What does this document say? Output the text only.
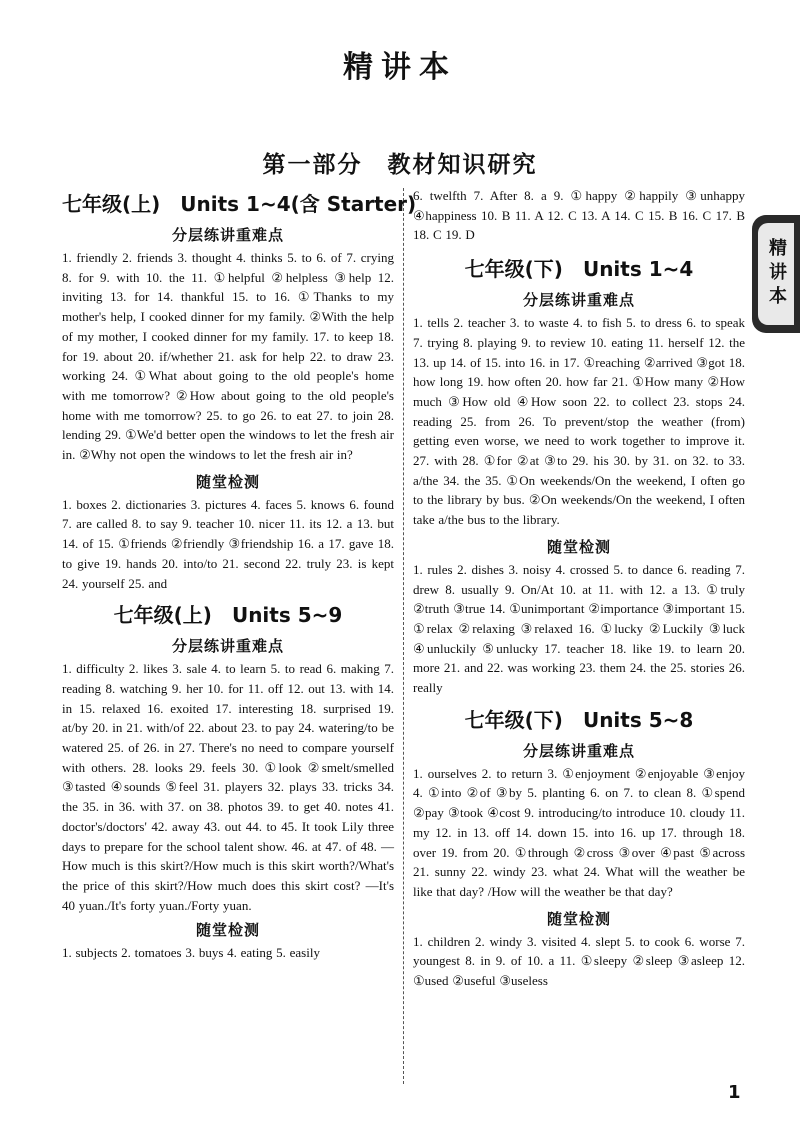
精讲本
第一部分　教材知识研究
七年级(上)　Units 1~4(含 Starter)
分层练讲重难点

1. friendly 2. friends 3. thought 4. thinks 5. to 6. of 7. crying 8. for 9. with 10. the 11. ①helpful ②helpless ③help 12. inviting 13. for 14. thankful 15. to 16. ①Thanks to my mother's help, I cooked dinner for my family. ②With the help of my mother, I cooked dinner for my family. 17. to keep 18. for 19. about 20. if/whether 21. ask for help 22. to draw 23. working 24. ①What about going to the old people's home with me tomorrow? ②How about going to the old people's home with me tomorrow? 25. to go 26. to eat 27. to join 28. lending 29. ①We'd better open the windows to let the fresh air in. ②Why not open the windows to let the fresh air in?

随堂检测

1. boxes 2. dictionaries 3. pictures 4. faces 5. knows 6. found 7. are called 8. to say 9. teacher 10. nicer 11. its 12. a 13. but 14. of 15. ①friends ②friendly ③friendship 16. a 17. gave 18. to give 19. hands 20. into/to 21. second 22. truly 23. is kept 24. yourself 25. and

七年级(上)　Units 5~9
分层练讲重难点

1. difficulty 2. likes 3. sale 4. to learn 5. to read 6. making 7. reading 8. watching 9. her 10. for 11. off 12. out 13. with 14. in 15. relaxed 16. exoited 17. interesting 18. surprised 19. at/by 20. in 21. with/of 22. about 23. to pay 24. watering/to be watered 25. of 26. in 27. There's no need to compare yourself with others. 28. looks 29. feels 30. ①look ②smelt/smelled ③tasted ④sounds ⑤feel 31. players 32. plays 33. tricks 34. the 35. in 36. with 37. on 38. photos 39. to get 40. notes 41. doctor's/doctors' 42. away 43. out 44. to 45. It took Lily three days to prepare for the school talent show. 46. at 47. of 48. —How much is this skirt?/How much is this skirt worth?/What's the price of this skirt?/How much does this skirt cost? —It's 40 yuan./It's forty yuan./Forty yuan.

随堂检测

1. subjects 2. tomatoes 3. buys 4. eating 5. easily

6. twelfth 7. After 8. a 9. ①happy ②happily ③unhappy ④happiness 10. B 11. A 12. C 13. A 14. C 15. B 16. C 17. B 18. C 19. D

七年级(下)　Units 1~4
分层练讲重难点

1. tells 2. teacher 3. to waste 4. to fish 5. to dress 6. to speak 7. trying 8. playing 9. to review 10. eating 11. herself 12. the 13. up 14. of 15. into 16. in 17. ①reaching ②arrived ③got 18. how long 19. how often 20. how far 21. ①How many ②How much ③How old ④How soon 22. to collect 23. stops 24. reading 25. from 26. To prevent/stop the weather (from) getting even worse, we need to work together to improve it. 27. with 28. ①for ②at ③to 29. his 30. by 31. on 32. to 33. a/the 34. the 35. ①On weekends/On the weekend, I often go to the library by bus. ②On weekends/On the weekend, I often take a/the bus to the library.

随堂检测

1. rules 2. dishes 3. noisy 4. crossed 5. to dance 6. reading 7. drew 8. usually 9. On/At 10. at 11. with 12. a 13. ①truly ②truth ③true 14. ①unimportant ②importance ③important 15. ①relax ②relaxing ③relaxed 16. ①lucky ②Luckily ③luck ④unluckily ⑤unlucky 17. teacher 18. like 19. to learn 20. more 21. and 22. was working 23. them 24. the 25. stories 26. really

七年级(下)　Units 5~8
分层练讲重难点

1. ourselves 2. to return 3. ①enjoyment ②enjoyable ③enjoy 4. ①into ②of ③by 5. planting 6. on 7. to clean 8. ①spend ②pay ③took ④cost 9. introducing/to introduce 10. cloudy 11. my 12. in 13. off 14. down 15. into 16. up 17. through 18. over 19. from 20. ①through ②cross ③over ④past ⑤across 21. sunny 22. windy 23. what 24. What will the weather be like that day? /How will the weather be that day?

随堂检测

1. children 2. windy 3. visited 4. slept 5. to cook 6. worse 7. youngest 8. in 9. of 10. a 11. ①sleepy ②sleep ③asleep 12. ①used ②useful ③useless

精讲本
1
